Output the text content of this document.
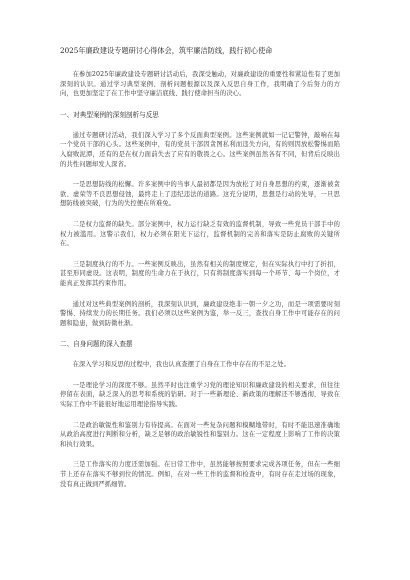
2025年廉政建设专题研讨心得体会，筑牢廉洁防线，践行初心使命

在参加2025年廉政建设专题研讨活动后，我深受触动，对廉政建设的重要性和紧迫性有了更加深刻的认识。通过学习典型案例、剖析问题根源以及深入反思自身工作，我明确了今后努力的方向，也更加坚定了在工作中坚守廉洁底线、践行使命担当的决心。

一、对典型案例的深刻剖析与反思

通过专题研讨活动，我们深入学习了多个反面典型案例。这些案例就如一记记警钟，敲响在每一个党员干部的心头。这些案例中，有的党员干部因贪图私利而违失方向，有的则因放松警惕而陷入腐败泥潭，还有的是在权力面前失去了应有的敬畏之心。这些案例虽然各有不同，但背后反映出的共性问题却发人深省。

一是思想防线的松懈。许多案例中的当事人最初都是因为放松了对自身思想的约束，逐渐被贪欲、虚荣等不良思想侵蚀，最终走上了违纪违法的道路。这充分说明，思想是行动的先导，一旦思想防线被突破，行为的失控便在所难免。

二是权力监督的缺失。部分案例中，权力运行缺乏有效的监督机制，导致一些党员干部手中的权力被滥用。这警示我们，权力必须在阳光下运行，监督机制的完善和落实是防止腐败的关键所在。

三是制度执行的不力。一些案例反映出，虽然有相关的制度规定，但在实际执行中打了折扣，甚至形同虚设。这表明，制度的生命力在于执行，只有将制度落实到每一个环节、每一个岗位，才能真正发挥其约束作用。

通过对这些典型案例的剖析，我深刻认识到，廉政建设绝非一朝一夕之功，而是一项需要时刻警惕、持续发力的长期任务。我们必须以这些案例为鉴，举一反三，查找自身工作中可能存在的问题和隐患，做到防微杜渐。

二、自身问题的深入查摆

在深入学习和反思的过程中，我也认真查摆了自身在工作中存在的不足之处。

一是理论学习的深度不够。虽然平时也注重学习党的理论知识和廉政建设的相关要求，但往往停留在表面，缺乏深入的思考和系统的钻研。对于一些新理论、新政策的理解还不够透彻，导致在实际工作中不能很好地运用理论指导实践。

二是政治敏锐性和鉴别力有待提高。在面对一些复杂问题和模糊地带时，有时不能迅速准确地从政治高度进行判断和分析，缺乏足够的政治敏锐性和鉴别力。这在一定程度上影响了工作的决策和执行效果。

三是工作落实的力度还需加强。在日常工作中，虽然能够按照要求完成各项任务，但在一些细节上还存在落实不够到位的情况。例如，在对一些工作的监督和检查中，有时存在走过场的现象，没有真正做到严抓细管。
